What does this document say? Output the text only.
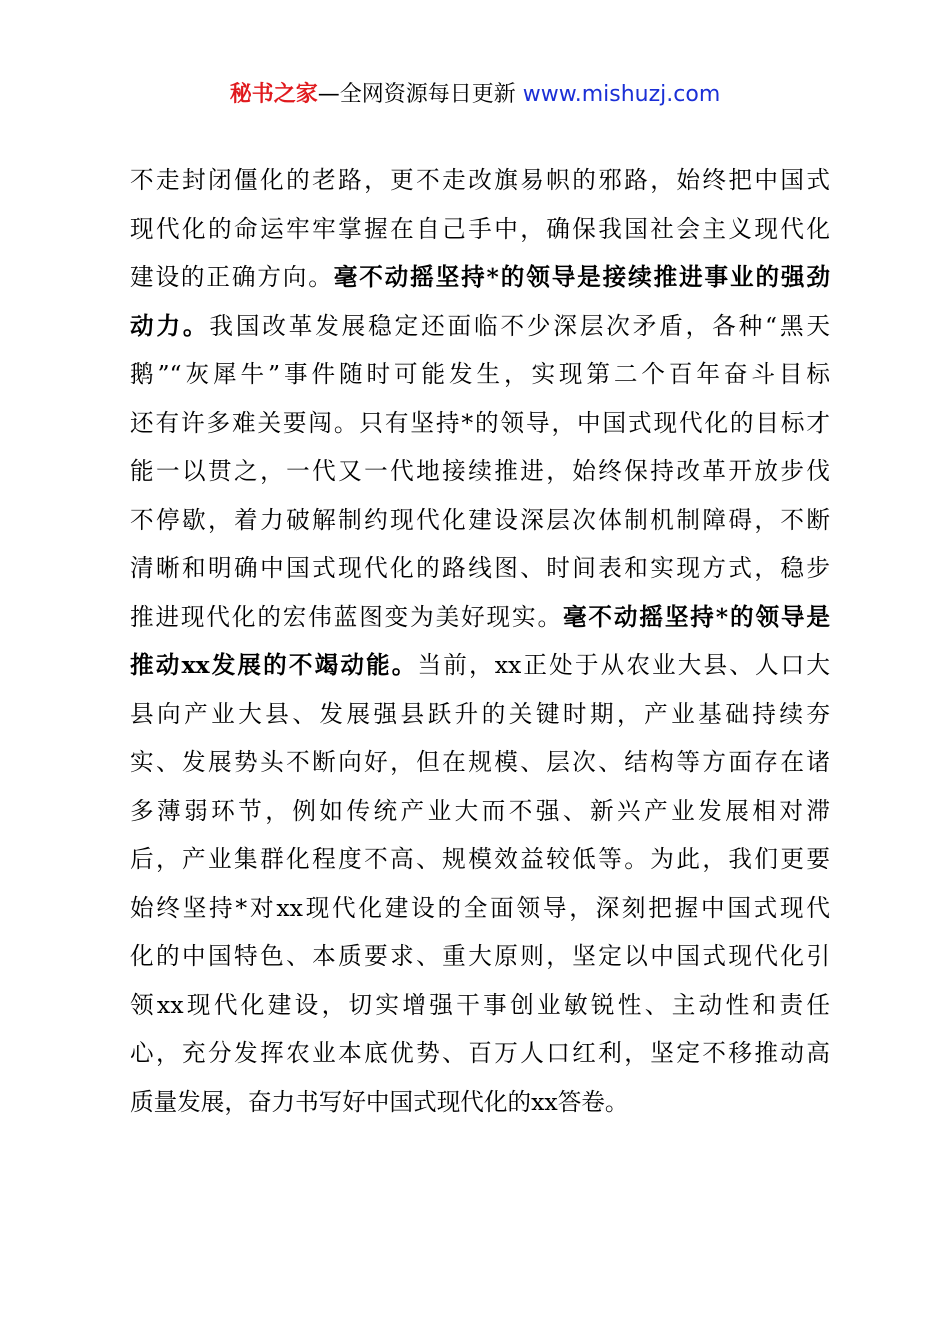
秘书之家—全网资源每日更新 www.mishuzj.com
不走封闭僵化的老路，更不走改旗易帜的邪路，始终把中国式
现代化的命运牢牢掌握在自己手中，确保我国社会主义现代化
建设的正确方向。毫不动摇坚持*的领导是接续推进事业的强劲
动力。我国改革发展稳定还面临不少深层次矛盾，各种“黑天
鹅”“灰犀牛”事件随时可能发生，实现第二个百年奋斗目标
还有许多难关要闯。只有坚持*的领导，中国式现代化的目标才
能一以贯之，一代又一代地接续推进，始终保持改革开放步伐
不停歇，着力破解制约现代化建设深层次体制机制障碍，不断
清晰和明确中国式现代化的路线图、时间表和实现方式，稳步
推进现代化的宏伟蓝图变为美好现实。毫不动摇坚持*的领导是
推动xx发展的不竭动能。当前，xx正处于从农业大县、人口大
县向产业大县、发展强县跃升的关键时期，产业基础持续夯
实、发展势头不断向好，但在规模、层次、结构等方面存在诸
多薄弱环节，例如传统产业大而不强、新兴产业发展相对滞
后，产业集群化程度不高、规模效益较低等。为此，我们更要
始终坚持*对xx现代化建设的全面领导，深刻把握中国式现代
化的中国特色、本质要求、重大原则，坚定以中国式现代化引
领xx现代化建设，切实增强干事创业敏锐性、主动性和责任
心，充分发挥农业本底优势、百万人口红利，坚定不移推动高
质量发展，奋力书写好中国式现代化的xx答卷。
